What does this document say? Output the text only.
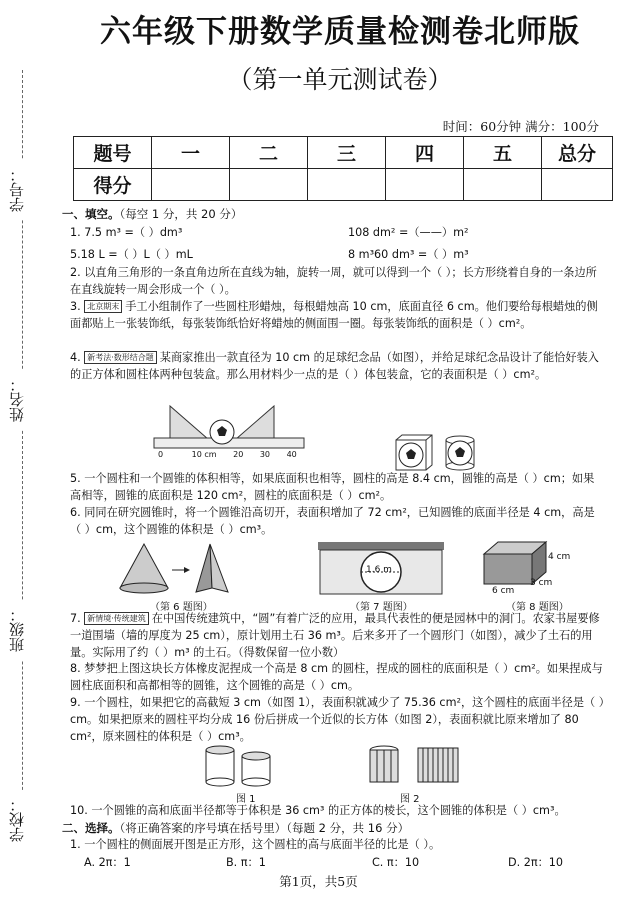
学号：
姓名：
班级：
学校：
六年级下册数学质量检测卷北师版
（第一单元测试卷）
时间：60分钟 满分：100分
题号	一	二	三	四	五	总分
得分						
一、填空。（每空 1 分，共 20 分）
1. 7.5 m³ =（ ）dm³	108 dm² =（——）m²
5.18 L =（ ）L（ ）mL	8 m³60 dm³ =（ ）m³
2. 以直角三角形的一条直角边所在直线为轴，旋转一周，就可以得到一个（ ）；长方形绕着自身的一条边所在直线旋转一周会形成一个（ ）。
3. 北京期末 手工小组制作了一些圆柱形蜡烛，每根蜡烛高 10 cm，底面直径 6 cm。他们要给每根蜡烛的侧面都贴上一张装饰纸，每张装饰纸恰好将蜡烛的侧面围一圈。每张装饰纸的面积是（ ）cm²。
4. 新考法·数形结合题 某商家推出一款直径为 10 cm 的足球纪念品（如图），并给足球纪念品设计了能恰好装入的正方体和圆柱体两种包装盒。那么用材料少一点的是（ ）体包装盒，它的表面积是（ ）cm²。
0	10 cm 20 30 40
5. 一个圆柱和一个圆锥的体积相等，如果底面积也相等，圆柱的高是 8.4 cm，圆锥的高是（ ）cm；如果高相等，圆锥的底面积是 120 cm²，圆柱的底面积是（ ）cm²。
6. 同同在研究圆锥时，将一个圆锥沿高切开，表面积增加了 72 cm²，已知圆锥的底面半径是 4 cm，高是（ ）cm，这个圆锥的体积是（ ）cm³。
（第 6 题图）
1.6 m
（第 7 题图）
6 cm
3 cm
4 cm
（第 8 题图）
7. 新情境·传统建筑 在中国传统建筑中，“圆”有着广泛的应用，最具代表性的便是园林中的洞门。农家书屋要修一道围墙（墙的厚度为 25 cm），原计划用土石 36 m³。后来多开了一个圆形门（如图），减少了土石的用量。实际用了约（ ）m³ 的土石。（得数保留一位小数）
8. 梦梦把上图这块长方体橡皮泥捏成一个高是 8 cm 的圆柱，捏成的圆柱的底面积是（ ）cm²。如果捏成与圆柱底面积和高都相等的圆锥，这个圆锥的高是（ ）cm。
9. 一个圆柱，如果把它的高截短 3 cm（如图 1），表面积就减少了 75.36 cm²，这个圆柱的底面半径是（ ）cm。如果把原来的圆柱平均分成 16 份后拼成一个近似的长方体（如图 2），表面积就比原来增加了 80 cm²，原来圆柱的体积是（ ）cm³。
图 1	图 2
10. 一个圆锥的高和底面半径都等于体积是 36 cm³ 的正方体的棱长，这个圆锥的体积是（ ）cm³。
二、选择。（将正确答案的序号填在括号里）（每题 2 分，共 16 分）
1. 一个圆柱的侧面展开图是正方形，这个圆柱的高与底面半径的比是（ ）。
A. 2π：1	B. π：1	C. π：10	D. 2π：10
第1页，共5页
